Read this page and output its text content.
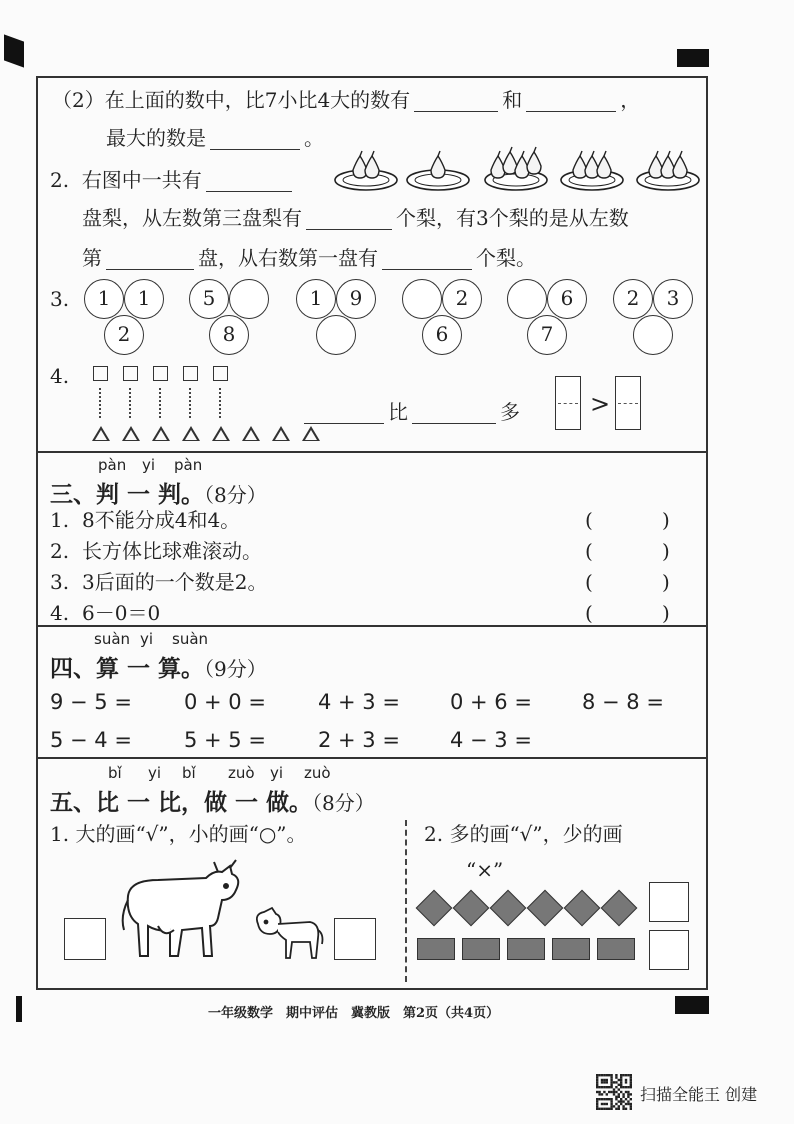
（2）在上面的数中，比7小比4大的数有	和	，
最大的数是	。
2. 右图中一共有
盘梨，从左数第三盘梨有	个梨，有3个梨的是从左数
第	盘，从右数第一盘有	个梨。
3.
2
1	1
8
5	1	9
6
2
7
6	2	3
4.
比	多	>
pàn yi pàn
三、判 一 判。（8分）
1. 8不能分成4和4。	(	)
2. 长方体比球难滚动。	(	)
3. 3后面的一个数是2。	(	)
4. 6－0＝0	(	)
suàn yi suàn
四、算 一 算。（9分）
9 − 5 = 0 + 0 = 4 + 3 = 0 + 6 = 8 − 8 =
5 − 4 = 5 + 5 = 2 + 3 = 4 − 3 =
bǐ yi bǐ zuò yi zuò
五、比 一 比，做 一 做。（8分）
1. 大的画“√”，小的画“○”。	2. 多的画“√”，少的画
“×”
一年级数学　期中评估　冀教版　第2页（共4页）
扫描全能王 创建
